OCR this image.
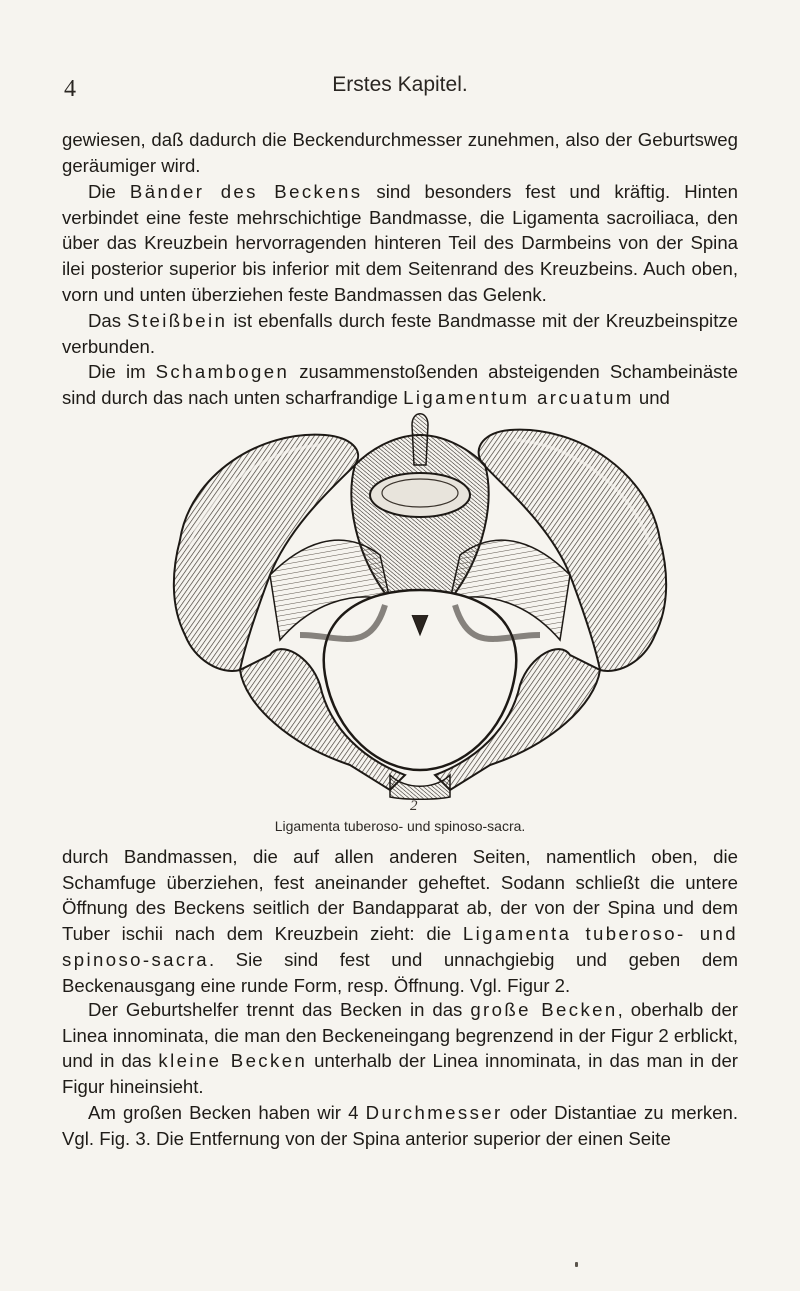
4	Erstes Kapitel.

gewiesen, daß dadurch die Beckendurchmesser zunehmen, also der Geburtsweg geräumiger wird.

Die Bänder des Beckens sind besonders fest und kräftig. Hinten verbindet eine feste mehrschichtige Bandmasse, die Ligamenta sacroiliaca, den über das Kreuzbein hervorragenden hinteren Teil des Darmbeins von der Spina ilei posterior superior bis inferior mit dem Seitenrand des Kreuzbeins. Auch oben, vorn und unten überziehen feste Bandmassen das Gelenk.

Das Steißbein ist ebenfalls durch feste Bandmasse mit der Kreuzbeinspitze verbunden.

Die im Schambogen zusammenstoßenden absteigenden Schambeinäste sind durch das nach unten scharfrandige Ligamentum arcuatum und

2
Ligamenta tuberoso- und spinoso-sacra.

durch Bandmassen, die auf allen anderen Seiten, namentlich oben, die Schamfuge überziehen, fest aneinander geheftet. Sodann schließt die untere Öffnung des Beckens seitlich der Bandapparat ab, der von der Spina und dem Tuber ischii nach dem Kreuzbein zieht: die Ligamenta tuberoso- und spinoso-sacra. Sie sind fest und unnachgiebig und geben dem Beckenausgang eine runde Form, resp. Öffnung. Vgl. Figur 2.

Der Geburtshelfer trennt das Becken in das große Becken, oberhalb der Linea innominata, die man den Beckeneingang begrenzend in der Figur 2 erblickt, und in das kleine Becken unterhalb der Linea innominata, in das man in der Figur hineinsieht.

Am großen Becken haben wir 4 Durchmesser oder Distantiae zu merken. Vgl. Fig. 3. Die Entfernung von der Spina anterior superior der einen Seite
